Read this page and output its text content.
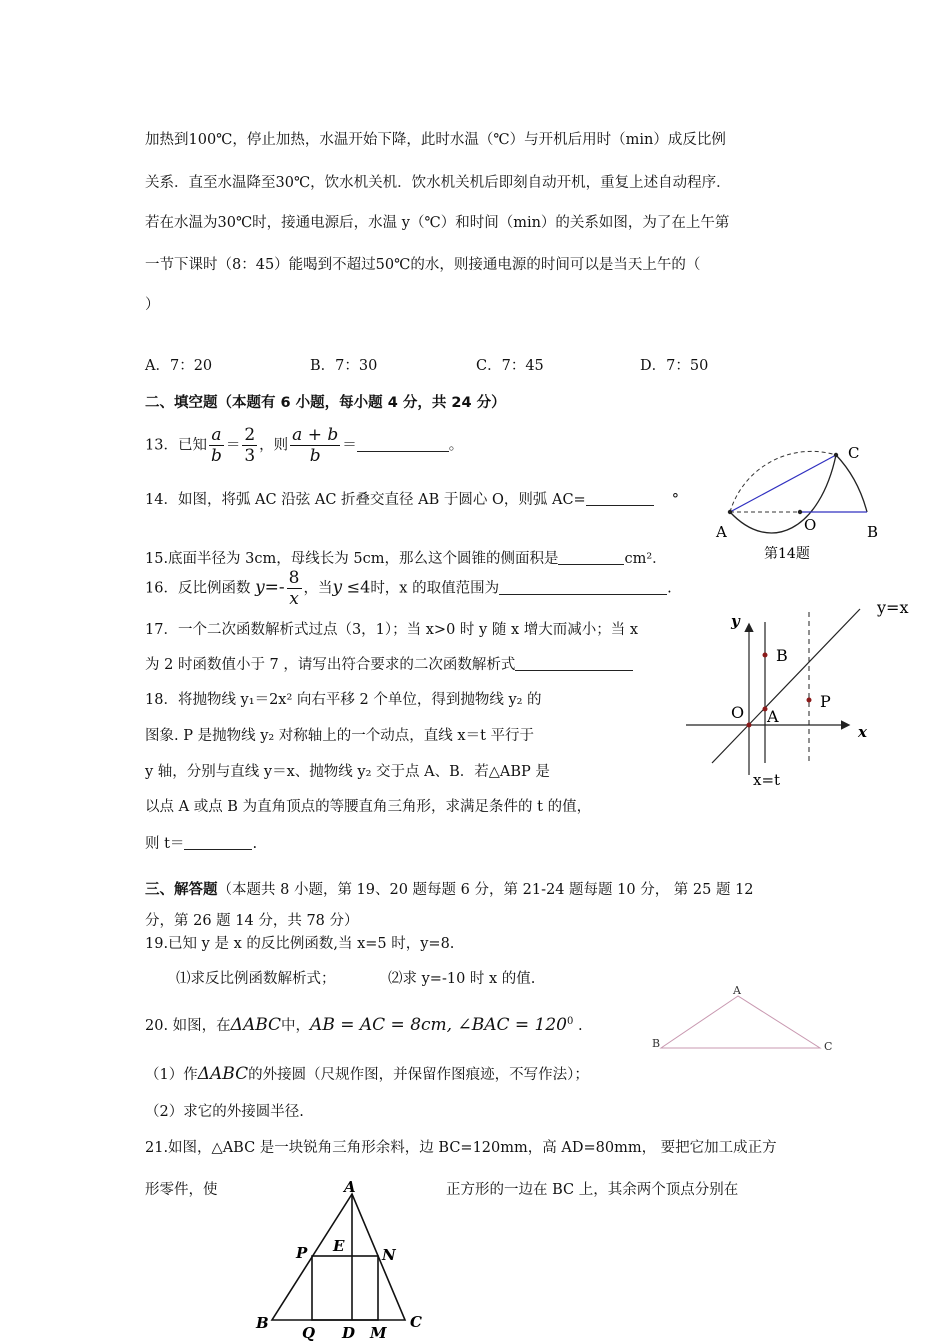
加热到100℃，停止加热，水温开始下降，此时水温（℃）与开机后用时（min）成反比例
关系．直至水温降至30℃，饮水机关机．饮水机关机后即刻自动开机，重复上述自动程序．
若在水温为30℃时，接通电源后，水温 y（℃）和时间（min）的关系如图，为了在上午第
一节下课时（8：45）能喝到不超过50℃的水，则接通电源的时间可以是当天上午的（
）
A．7：20	B．7：30	C．7：45	D．7：50
二、填空题（本题有 6 小题，每小题 4 分，共 24 分）
13．已知 $\frac{a}{b} = \frac{2}{3}$ ，则 $\frac{a + b}{b}$ ＝	。
14．如图，将弧 AC 沿弦 AC 折叠交直径 AB 于圆心 O，则弧 AC=	°
15.底面半径为 3cm，母线长为 5cm，那么这个圆锥的侧面积是	cm²．
16．反比例函数 $y=- \frac{8}{x}$ ，当y ≤4时，x 的取值范围为	.
17．一个二次函数解析式过点（3，1）；当 x>0 时 y 随 x 增大而减小；当 x
为 2 时函数值小于 7 ，请写出符合要求的二次函数解析式
18．将抛物线 y₁＝2x² 向右平移 2 个单位，得到抛物线 y₂ 的
图象. P 是抛物线 y₂ 对称轴上的一个动点，直线 x＝t 平行于
y 轴，分别与直线 y＝x、抛物线 y₂ 交于点 A、B．若△ABP 是
以点 A 或点 B 为直角顶点的等腰直角三角形，求满足条件的 t 的值，
则 t＝	.
三、解答题（本题共 8 小题，第 19、20 题每题 6 分，第 21-24 题每题 10 分， 第 25 题 12
分，第 26 题 14 分，共 78 分）
19.已知 y 是 x 的反比例函数,当 x=5 时，y=8.
⑴求反比例函数解析式；	⑵求 y=-10 时 x 的值.
20. 如图，在ΔABC中，AB = AC = 8cm, ∠BAC = $120^0$ .
（1）作ΔABC的外接圆（尺规作图，并保留作图痕迹，不写作法）；
（2）求它的外接圆半径.
21.如图，△ABC 是一块锐角三角形余料，边 BC=120mm，高 AD=80mm， 要把它加工成正方
形零件，使	正方形的一边在 BC 上，其余两个顶点分别在
A	O	B
C
第14题
y=x
y
B
P
O A
x
x=t
A
B	C
A
E
P	N
B
Q D M
C
